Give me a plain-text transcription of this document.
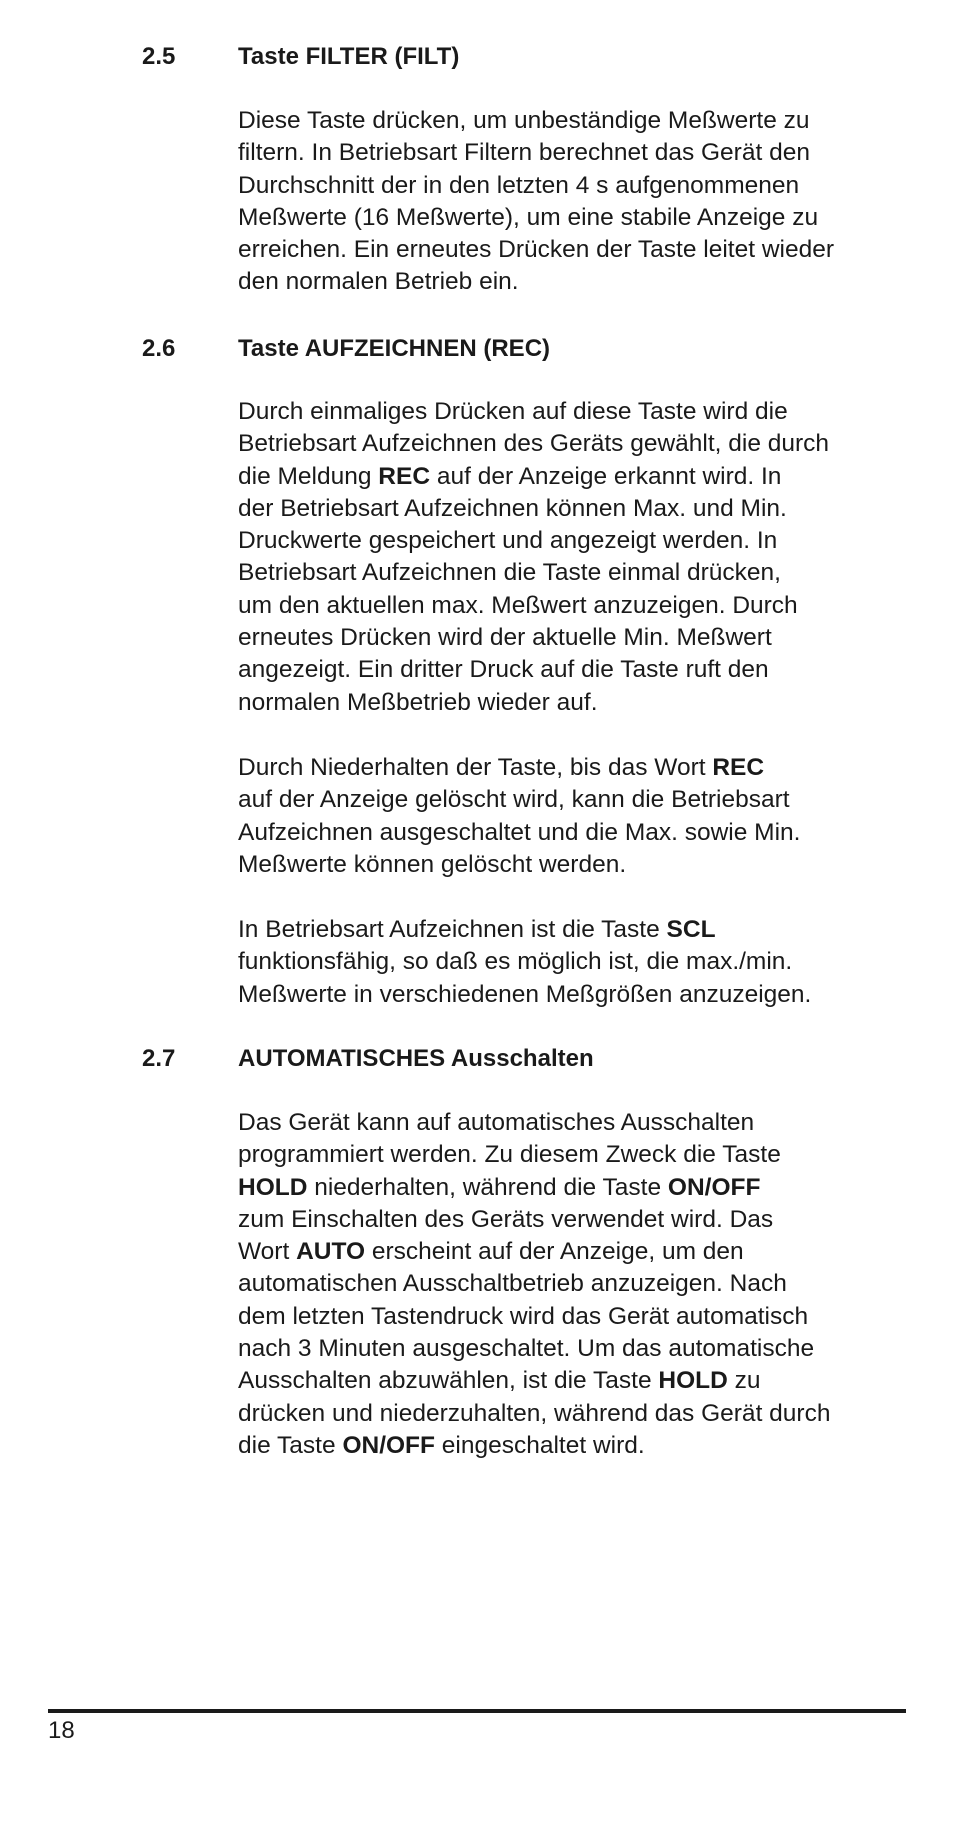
2.5	Taste FILTER (FILT)
Diese Taste drücken, um unbeständige Meßwerte zu
filtern. In Betriebsart Filtern berechnet das Gerät den
Durchschnitt der in den letzten 4 s aufgenommenen
Meßwerte (16 Meßwerte), um eine stabile Anzeige zu
erreichen. Ein erneutes Drücken der Taste leitet wieder
den normalen Betrieb ein.
2.6	Taste AUFZEICHNEN (REC)
Durch einmaliges Drücken auf diese Taste wird die
Betriebsart Aufzeichnen des Geräts gewählt, die durch
die Meldung REC auf der Anzeige erkannt wird. In
der Betriebsart Aufzeichnen können Max. und Min.
Druckwerte gespeichert und angezeigt werden. In
Betriebsart Aufzeichnen die Taste einmal drücken,
um den aktuellen max. Meßwert anzuzeigen. Durch
erneutes Drücken wird der aktuelle Min. Meßwert
angezeigt. Ein dritter Druck auf die Taste ruft den
normalen Meßbetrieb wieder auf.
Durch Niederhalten der Taste, bis das Wort REC
auf der Anzeige gelöscht wird, kann die Betriebsart
Aufzeichnen ausgeschaltet und die Max. sowie Min.
Meßwerte können gelöscht werden.
In Betriebsart Aufzeichnen ist die Taste SCL
funktionsfähig, so daß es möglich ist, die max./min.
Meßwerte in verschiedenen Meßgrößen anzuzeigen.
2.7	AUTOMATISCHES Ausschalten
Das Gerät kann auf automatisches Ausschalten
programmiert werden. Zu diesem Zweck die Taste
HOLD niederhalten, während die Taste ON/OFF
zum Einschalten des Geräts verwendet wird. Das
Wort AUTO erscheint auf der Anzeige, um den
automatischen Ausschaltbetrieb anzuzeigen. Nach
dem letzten Tastendruck wird das Gerät automatisch
nach 3 Minuten ausgeschaltet. Um das automatische
Ausschalten abzuwählen, ist die Taste HOLD zu
drücken und niederzuhalten, während das Gerät durch
die Taste ON/OFF eingeschaltet wird.
18
